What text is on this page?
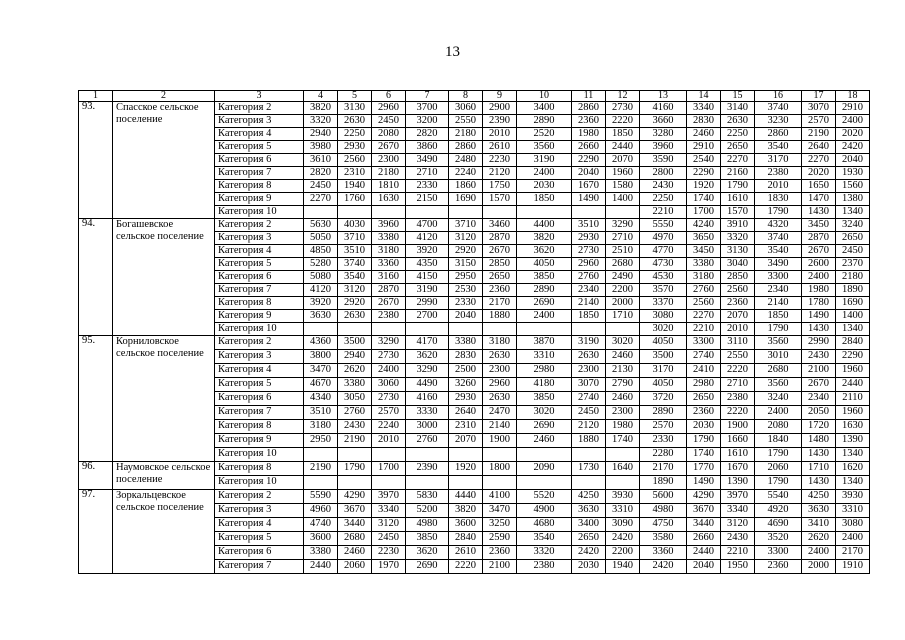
13
1	2	3	4	5	6	7	8	9	10	11	12	13	14	15	16	17	18
93.	Спасское сельское поселение	Категория 2	3820	3130	2960	3700	3060	2900	3400	2860	2730	4160	3340	3140	3740	3070	2910
		Категория 3	3320	2630	2450	3200	2550	2390	2890	2360	2220	3660	2830	2630	3230	2570	2400
		Категория 4	2940	2250	2080	2820	2180	2010	2520	1980	1850	3280	2460	2250	2860	2190	2020
		Категория 5	3980	2930	2670	3860	2860	2610	3560	2660	2440	3960	2910	2650	3540	2640	2420
		Категория 6	3610	2560	2300	3490	2480	2230	3190	2290	2070	3590	2540	2270	3170	2270	2040
		Категория 7	2820	2310	2180	2710	2240	2120	2400	2040	1960	2800	2290	2160	2380	2020	1930
		Категория 8	2450	1940	1810	2330	1860	1750	2030	1670	1580	2430	1920	1790	2010	1650	1560
		Категория 9	2270	1760	1630	2150	1690	1570	1850	1490	1400	2250	1740	1610	1830	1470	1380
		Категория 10										2210	1700	1570	1790	1430	1340
94.	Богашевское сельское поселение	Категория 2	5630	4030	3960	4700	3710	3460	4400	3510	3290	5550	4240	3910	4320	3450	3240
		Категория 3	5050	3710	3380	4120	3120	2870	3820	2930	2710	4970	3650	3320	3740	2870	2650
		Категория 4	4850	3510	3180	3920	2920	2670	3620	2730	2510	4770	3450	3130	3540	2670	2450
		Категория 5	5280	3740	3360	4350	3150	2850	4050	2960	2680	4730	3380	3040	3490	2600	2370
		Категория 6	5080	3540	3160	4150	2950	2650	3850	2760	2490	4530	3180	2850	3300	2400	2180
		Категория 7	4120	3120	2870	3190	2530	2360	2890	2340	2200	3570	2760	2560	2340	1980	1890
		Категория 8	3920	2920	2670	2990	2330	2170	2690	2140	2000	3370	2560	2360	2140	1780	1690
		Категория 9	3630	2630	2380	2700	2040	1880	2400	1850	1710	3080	2270	2070	1850	1490	1400
		Категория 10										3020	2210	2010	1790	1430	1340
95.	Корниловское сельское поселение	Категория 2	4360	3500	3290	4170	3380	3180	3870	3190	3020	4050	3300	3110	3560	2990	2840
		Категория 3	3800	2940	2730	3620	2830	2630	3310	2630	2460	3500	2740	2550	3010	2430	2290
		Категория 4	3470	2620	2400	3290	2500	2300	2980	2300	2130	3170	2410	2220	2680	2100	1960
		Категория 5	4670	3380	3060	4490	3260	2960	4180	3070	2790	4050	2980	2710	3560	2670	2440
		Категория 6	4340	3050	2730	4160	2930	2630	3850	2740	2460	3720	2650	2380	3240	2340	2110
		Категория 7	3510	2760	2570	3330	2640	2470	3020	2450	2300	2890	2360	2220	2400	2050	1960
		Категория 8	3180	2430	2240	3000	2310	2140	2690	2120	1980	2570	2030	1900	2080	1720	1630
		Категория 9	2950	2190	2010	2760	2070	1900	2460	1880	1740	2330	1790	1660	1840	1480	1390
		Категория 10										2280	1740	1610	1790	1430	1340
96.	Наумовское сельское поселение	Категория 8	2190	1790	1700	2390	1920	1800	2090	1730	1640	2170	1770	1670	2060	1710	1620
		Категория 10										1890	1490	1390	1790	1430	1340
97.	Зоркальцевское сельское поселение	Категория 2	5590	4290	3970	5830	4440	4100	5520	4250	3930	5600	4290	3970	5540	4250	3930
		Категория 3	4960	3670	3340	5200	3820	3470	4900	3630	3310	4980	3670	3340	4920	3630	3310
		Категория 4	4740	3440	3120	4980	3600	3250	4680	3400	3090	4750	3440	3120	4690	3410	3080
		Категория 5	3600	2680	2450	3850	2840	2590	3540	2650	2420	3580	2660	2430	3520	2620	2400
		Категория 6	3380	2460	2230	3620	2610	2360	3320	2420	2200	3360	2440	2210	3300	2400	2170
		Категория 7	2440	2060	1970	2690	2220	2100	2380	2030	1940	2420	2040	1950	2360	2000	1910
